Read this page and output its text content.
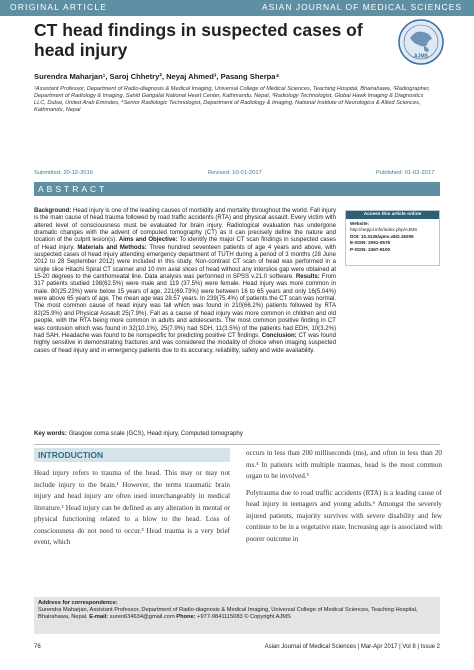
ORIGINAL ARTICLE	ASIAN JOURNAL OF MEDICAL SCIENCES
CT head findings in suspected cases of head injury	AJMS
Surendra Maharjan¹, Saroj Chhetry², Neyaj Ahmed³, Pasang Sherpa⁴

¹Assistant Professor, Department of Radio-diagnosis & Medical Imaging, Universal College of Medical Sciences, Teaching Hospital, Bhairahawa, ²Radiographer, Department of Radiology & Imaging, Sahid Gangalal National Heart Center, Kathmandu, Nepal, ³Radiology Technologist, Global Hawk Imaging & Diagnostics LLC, Dubai, United Arab Emirates, ⁴Senior Radiologic Technologist, Department of Radiology & Imaging, National Institute of Neurologica & Allied Sciences, Kathmandu, Nepal

Submitted: 20-12-2016	Revised: 10-01-2017	Published: 01-03-2017
ABSTRACT
Background: Head injury is one of the leading causes of morbidity and mortality throughout the world. Fall injury is the main cause of head trauma followed by road traffic accidents (RTA) and physical assault. Every victim with altered level of consciousness must be evaluated for brain injury. Radiological evaluation has undergone dramatic changes with the advent of computed tomography (CT) as it can precisely define the nature and location of the culprit lesion(s). Aims and Objective: To identify the major CT scan findings in suspected cases of Head injury. Materials and Methods: Three hundred seventeen patients of age 4 years and above, with suspected cases of head injury attending emergency department of TUTH during a period of 3 months (28 June 2012 to 28 September 2012) were included in this study. Non-contrast CT scan of head was performed in a single slice Hitachi Spiral CT scanner and 10 mm axial slices of head without any interslice gap were obtained at 15-20 degrees to the canthomeatal line. Data analysis was performed in SPSS v.21.0 software. Results: From 317 patients studied 198(62.5%) were male and 119 (37.5%) were female. Head injury was more common in male. 80(25.23%) were below 15 years of age, 221(69.73%) were between 16 to 65 years and only 16(5.04%) were above 65 years of age. The mean age was 28.57 years. In 239(75.4%) of patients the CT scan was normal. The most common cause of head injury was fall which was found in 210(66.2%) patients followed by RTA 82(25.9%) and Physical Assault 25(7.9%). Fall as a cause of head injury was more common in children and old people, with the RTA being more common in adults and adolescents. The most common positive finding in CT was contusion which was found in 32(10.1%), 25(7.9%) had SDH, 11(3.5%) of the patients had EDH, 10(3.2%) had SAH. Headache was found to be nonspecific for predicting positive CT findings. Conclusion: CT was found highly sensitive in demonstrating fractures and was considered the modality of choice when imaging suspected cases of head injury and in emergency patients due to its accuracy, reliability, safety and wide availability.
Access this article online
Website:
http://nepjol.info/index.php/AJMS
DOI: 10.3126/ajms.v8i2.16205
E-ISSN: 2091-0576
P-ISSN: 2467-9100
Key words: Glasgow coma scale (GCS), Head injury, Computed tomography
INTRODUCTION

Head injury refers to trauma of the head. This may or may not include injury to the brain.¹ However, the terms traumatic brain injury and head injury are often used interchangeably in medical literature.² Head injury can be defined as any alteration in mental or physical functioning related to a blow to the head. Loss of consciousness do not need to occur.³ Head trauma is a very brief event, which

occurs in less than 200 milliseconds (ms), and often in less than 20 ms.⁴ In patients with multiple traumas, head is the most common organ to be involved.⁵

Polytrauma due to road traffic accidents (RTA) is a leading cause of head injury in teenagers and young adults.⁶ Amongst the severely injured patients, majority survives with severe disability and few continue to be in a vegetative state. Increasing age is associated with poorer outcome in

Address for correspondence:
Surendra Maharjan, Assistant Professor, Department of Radio-diagnosis & Medical Imaging, Universal College of Medical Sciences, Teaching Hospital, Bhairahawa, Nepal. E-mail: suren634634@gmail.com Phone: +977-9841115083 © Copyright AJMS
76	Asian Journal of Medical Sciences | Mar-Apr 2017 | Vol 8 | Issue 2
